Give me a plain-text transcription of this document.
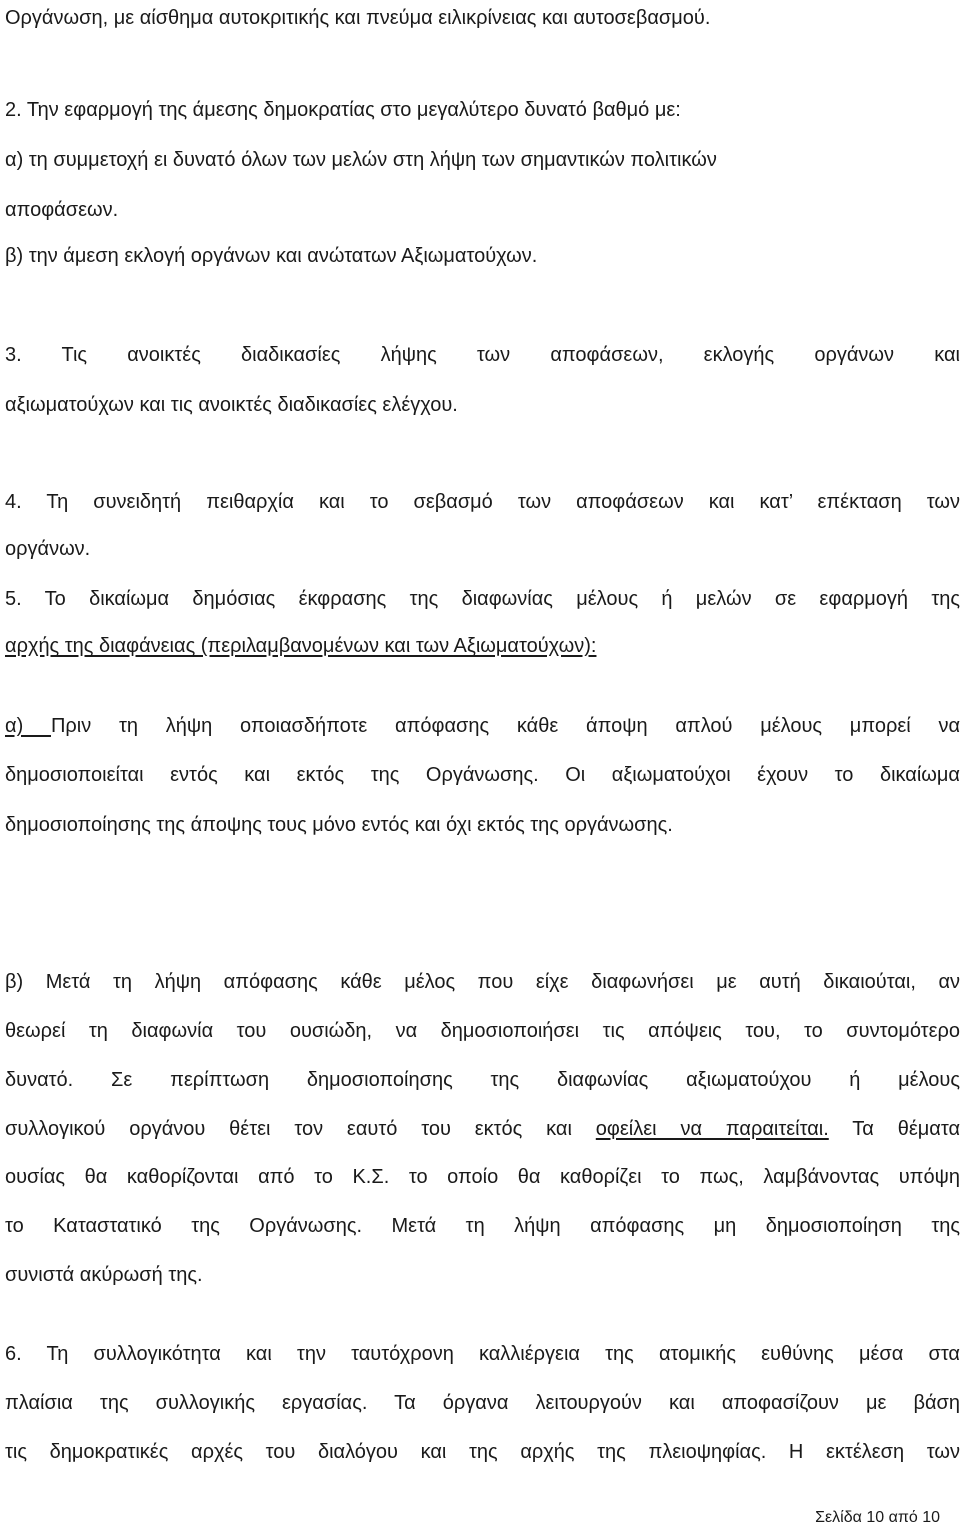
Οργάνωση, με αίσθημα αυτοκριτικής και πνεύμα ειλικρίνειας και αυτοσεβασμού.

2. Την εφαρμογή της άμεσης δημοκρατίας στο μεγαλύτερο δυνατό βαθμό με:

α) τη συμμετοχή ει δυνατό όλων των μελών στη λήψη των σημαντικών πολιτικών

αποφάσεων.

β) την άμεση εκλογή οργάνων και ανώτατων Αξιωματούχων.

3. Τις ανοικτές διαδικασίες λήψης των αποφάσεων, εκλογής οργάνων και

αξιωματούχων και τις ανοικτές διαδικασίες ελέγχου.

4. Τη συνειδητή πειθαρχία και το σεβασμό των αποφάσεων και κατ’ επέκταση των

οργάνων.

5. Το δικαίωμα δημόσιας έκφρασης της διαφωνίας μέλους ή μελών σε εφαρμογή της

αρχής της διαφάνειας (περιλαμβανομένων και των Αξιωματούχων):

α) Πριν τη λήψη οποιασδήποτε απόφασης κάθε άποψη απλού μέλους μπορεί να

δημοσιοποιείται εντός και εκτός της Οργάνωσης. Οι αξιωματούχοι έχουν το δικαίωμα

δημοσιοποίησης της άποψης τους μόνο εντός και όχι εκτός της οργάνωσης.

β) Μετά τη λήψη απόφασης κάθε μέλος που είχε διαφωνήσει με αυτή δικαιούται, αν

θεωρεί τη διαφωνία του ουσιώδη, να δημοσιοποιήσει τις απόψεις του, το συντομότερο

δυνατό. Σε περίπτωση δημοσιοποίησης της διαφωνίας αξιωματούχου ή μέλους

συλλογικού οργάνου θέτει τον εαυτό του εκτός και οφείλει να παραιτείται. Τα θέματα

ουσίας θα καθορίζονται από το Κ.Σ. το οποίο θα καθορίζει το πως, λαμβάνοντας υπόψη

το Καταστατικό της Οργάνωσης. Μετά τη λήψη απόφασης μη δημοσιοποίηση της

συνιστά ακύρωσή της.

6. Τη συλλογικότητα και την ταυτόχρονη καλλιέργεια της ατομικής ευθύνης μέσα στα

πλαίσια της συλλογικής εργασίας. Τα όργανα λειτουργούν και αποφασίζουν με βάση

τις δημοκρατικές αρχές του διαλόγου και της αρχής της πλειοψηφίας. Η εκτέλεση των

Σελίδα 10 από 10
